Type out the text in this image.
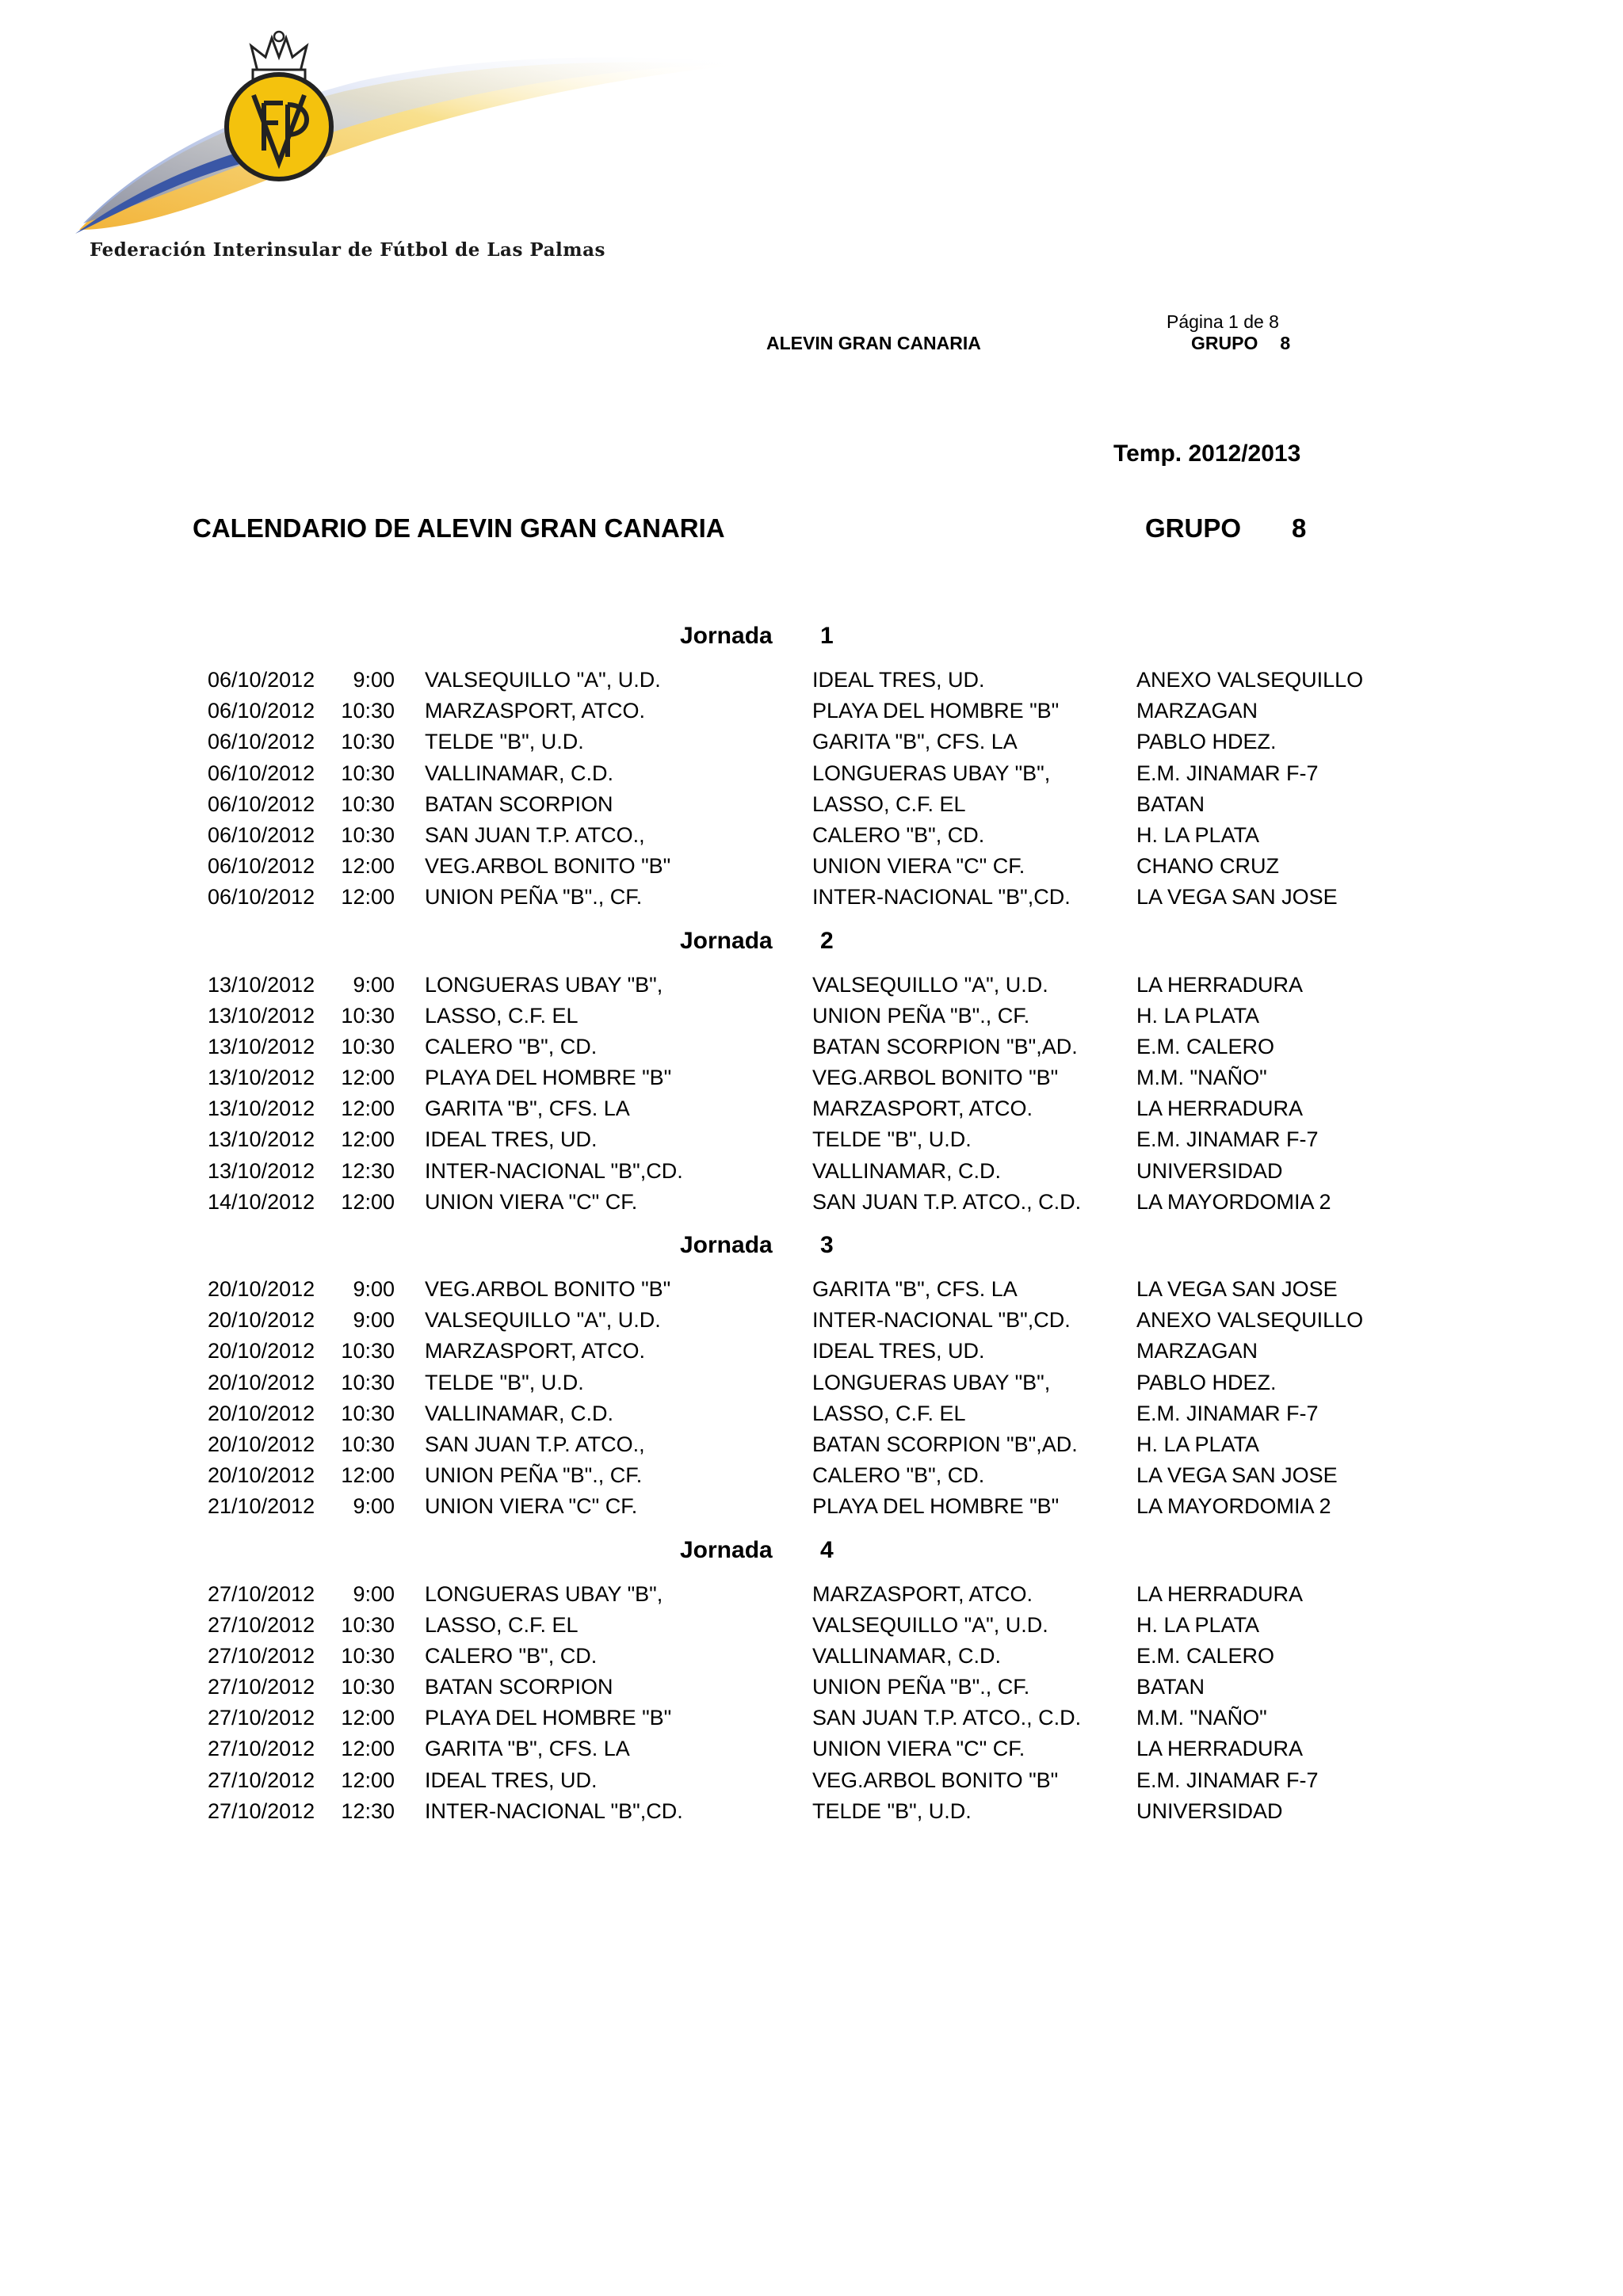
Federación Interinsular de Fútbol de Las Palmas
Página 1 de 8
ALEVIN GRAN CANARIA	GRUPO 8
Temp. 2012/2013
CALENDARIO DE ALEVIN GRAN CANARIA	GRUPO 8
Jornada 1
06/10/2012	9:00 VALSEQUILLO "A", U.D.	IDEAL TRES, UD.	ANEXO VALSEQUILLO
06/10/2012	10:30 MARZASPORT, ATCO.	PLAYA DEL HOMBRE "B"	MARZAGAN
06/10/2012	10:30 TELDE "B", U.D.	GARITA "B", CFS. LA	PABLO HDEZ.
06/10/2012	10:30 VALLINAMAR, C.D.	LONGUERAS UBAY "B",	E.M. JINAMAR F-7
06/10/2012	10:30 BATAN SCORPION	LASSO, C.F. EL	BATAN
06/10/2012	10:30 SAN JUAN T.P. ATCO.,	CALERO "B", CD.	H. LA PLATA
06/10/2012	12:00 VEG.ARBOL BONITO "B"	UNION VIERA "C" CF.	CHANO CRUZ
06/10/2012	12:00 UNION PEÑA "B"., CF.	INTER-NACIONAL "B",CD.	LA VEGA SAN JOSE
Jornada 2
13/10/2012	9:00 LONGUERAS UBAY "B",	VALSEQUILLO "A", U.D.	LA HERRADURA
13/10/2012	10:30 LASSO, C.F. EL	UNION PEÑA "B"., CF.	H. LA PLATA
13/10/2012	10:30 CALERO "B", CD.	BATAN SCORPION "B",AD.	E.M. CALERO
13/10/2012	12:00 PLAYA DEL HOMBRE "B"	VEG.ARBOL BONITO "B"	M.M. "NAÑO"
13/10/2012	12:00 GARITA "B", CFS. LA	MARZASPORT, ATCO.	LA HERRADURA
13/10/2012	12:00 IDEAL TRES, UD.	TELDE "B", U.D.	E.M. JINAMAR F-7
13/10/2012	12:30 INTER-NACIONAL "B",CD.	VALLINAMAR, C.D.	UNIVERSIDAD
14/10/2012	12:00 UNION VIERA "C" CF.	SAN JUAN T.P. ATCO., C.D.	LA MAYORDOMIA 2
Jornada 3
20/10/2012	9:00 VEG.ARBOL BONITO "B"	GARITA "B", CFS. LA	LA VEGA SAN JOSE
20/10/2012	9:00 VALSEQUILLO "A", U.D.	INTER-NACIONAL "B",CD.	ANEXO VALSEQUILLO
20/10/2012	10:30 MARZASPORT, ATCO.	IDEAL TRES, UD.	MARZAGAN
20/10/2012	10:30 TELDE "B", U.D.	LONGUERAS UBAY "B",	PABLO HDEZ.
20/10/2012	10:30 VALLINAMAR, C.D.	LASSO, C.F. EL	E.M. JINAMAR F-7
20/10/2012	10:30 SAN JUAN T.P. ATCO.,	BATAN SCORPION "B",AD.	H. LA PLATA
20/10/2012	12:00 UNION PEÑA "B"., CF.	CALERO "B", CD.	LA VEGA SAN JOSE
21/10/2012	9:00 UNION VIERA "C" CF.	PLAYA DEL HOMBRE "B"	LA MAYORDOMIA 2
Jornada 4
27/10/2012	9:00 LONGUERAS UBAY "B",	MARZASPORT, ATCO.	LA HERRADURA
27/10/2012	10:30 LASSO, C.F. EL	VALSEQUILLO "A", U.D.	H. LA PLATA
27/10/2012	10:30 CALERO "B", CD.	VALLINAMAR, C.D.	E.M. CALERO
27/10/2012	10:30 BATAN SCORPION	UNION PEÑA "B"., CF.	BATAN
27/10/2012	12:00 PLAYA DEL HOMBRE "B"	SAN JUAN T.P. ATCO., C.D.	M.M. "NAÑO"
27/10/2012	12:00 GARITA "B", CFS. LA	UNION VIERA "C" CF.	LA HERRADURA
27/10/2012	12:00 IDEAL TRES, UD.	VEG.ARBOL BONITO "B"	E.M. JINAMAR F-7
27/10/2012	12:30 INTER-NACIONAL "B",CD.	TELDE "B", U.D.	UNIVERSIDAD
